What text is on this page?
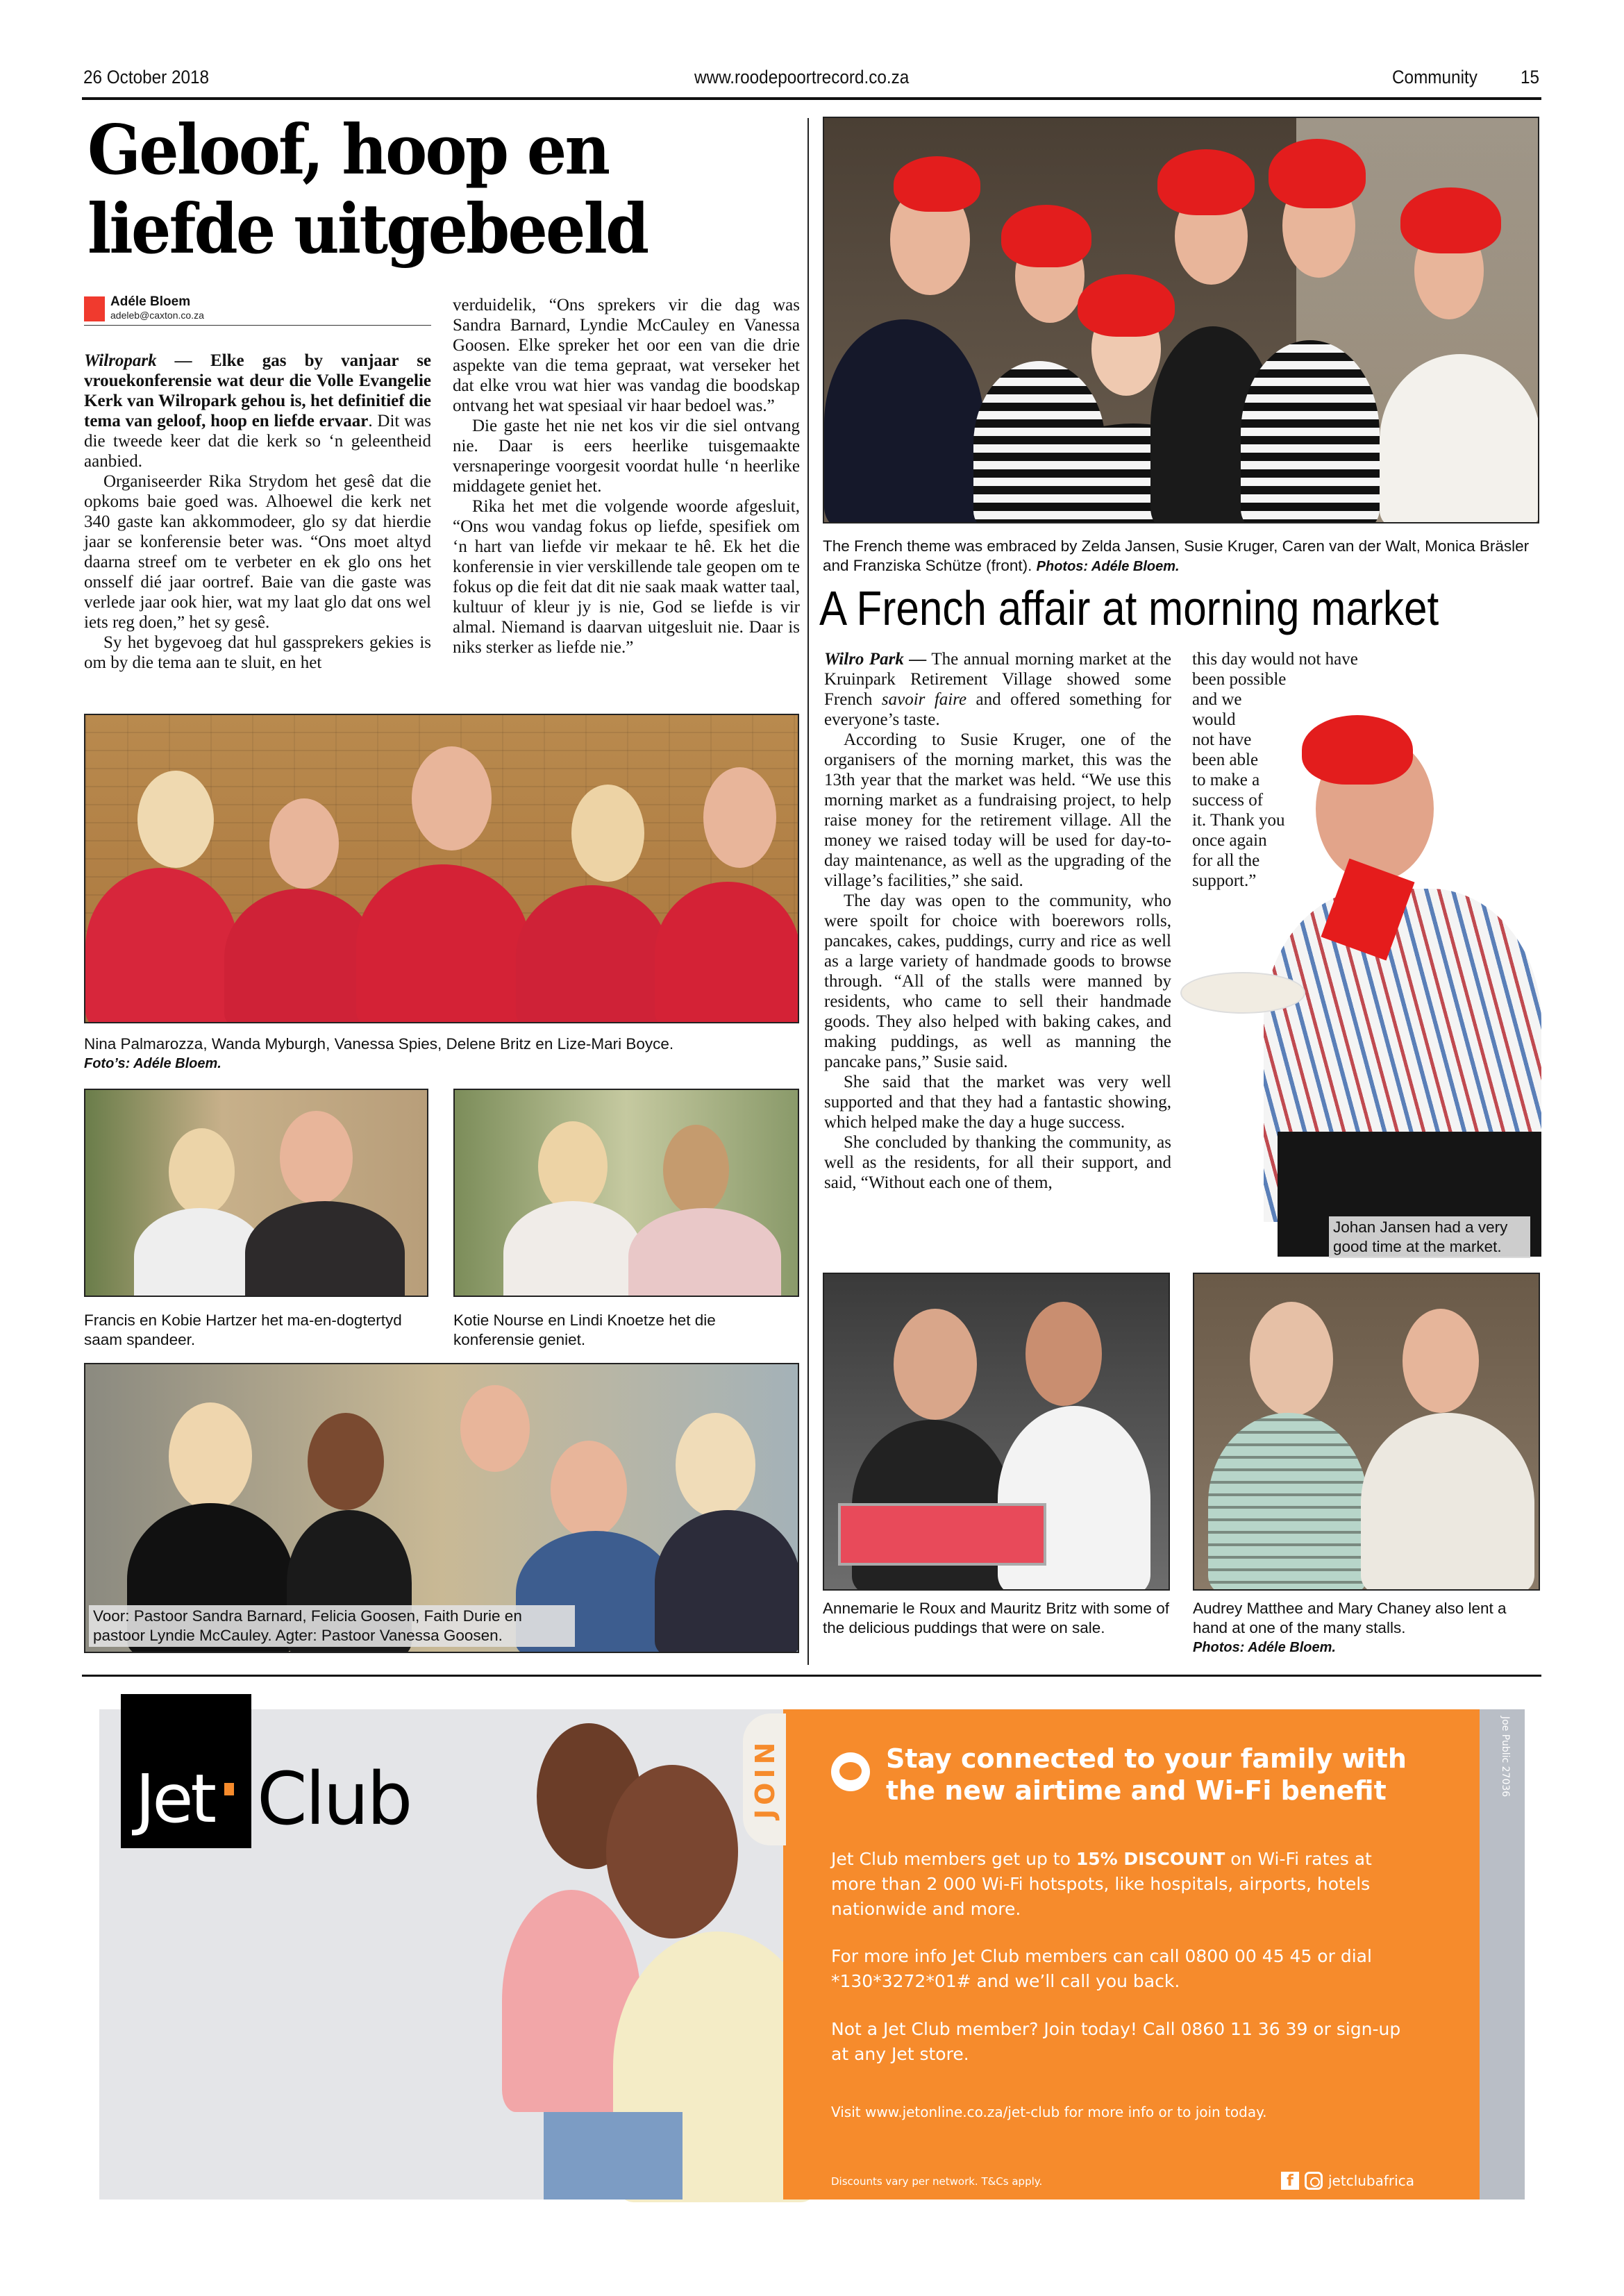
26 October 2018	www.roodepoortrecord.co.za	Community 15
Geloof, hoop en liefde uitgebeeld
Adéle Bloem
adeleb@caxton.co.za

Wilropark — Elke gas by vanjaar se vrouekonferensie wat deur die Volle Evangelie Kerk van Wilropark gehou is, het definitief die tema van geloof, hoop en liefde ervaar. Dit was die tweede keer dat die kerk so ‘n geleentheid aanbied.

Organiseerder Rika Strydom het gesê dat die opkoms baie goed was. Alhoewel die kerk net 340 gaste kan akkommodeer, glo sy dat hierdie jaar se konferensie beter was. “Ons moet altyd daarna streef om te verbeter en ek glo ons het onsself dié jaar oortref. Baie van die gaste was verlede jaar ook hier, wat my laat glo dat ons wel iets reg doen,” het sy gesê.

Sy het bygevoeg dat hul gassprekers gekies is om by die tema aan te sluit, en het

verduidelik, “Ons sprekers vir die dag was Sandra Barnard, Lyndie McCauley en Vanessa Goosen. Elke spreker het oor een van die drie aspekte van die tema gepraat, wat verseker het dat elke vrou wat hier was vandag die boodskap ontvang het wat spesiaal vir haar bedoel was.”

Die gaste het nie net kos vir die siel ontvang nie. Daar is eers heerlike tuisgemaakte versnaperinge voorgesit voordat hulle ‘n heerlike middagete geniet het.

Rika het met die volgende woorde afgesluit, “Ons wou vandag fokus op liefde, spesifiek om ‘n hart van liefde vir mekaar te hê. Ek het die konferensie in vier verskillende tale geopen om te fokus op die feit dat dit nie saak maak watter taal, kultuur of kleur jy is nie, God se liefde is vir almal. Niemand is daarvan uitgesluit nie. Daar is niks sterker as liefde nie.”

Nina Palmarozza, Wanda Myburgh, Vanessa Spies, Delene Britz en Lize-Mari Boyce.
Foto’s: Adéle Bloem.
Francis en Kobie Hartzer het ma-en-dogtertyd saam spandeer.
Kotie Nourse en Lindi Knoetze het die konferensie geniet.
Voor: Pastoor Sandra Barnard, Felicia Goosen, Faith Durie en pastoor Lyndie McCauley. Agter: Pastoor Vanessa Goosen.
The French theme was embraced by Zelda Jansen, Susie Kruger, Caren van der Walt, Monica Bräsler and Franziska Schütze (front). Photos: Adéle Bloem.
A French affair at morning market

Wilro Park — The annual morning market at the Kruinpark Retirement Village showed some French savoir faire and offered something for everyone’s taste.

According to Susie Kruger, one of the organisers of the morning market, this was the 13th year that the market was held. “We use this morning market as a fundraising project, to help raise money for the retirement village. All the money we raised today will be used for day-to-day maintenance, as well as the upgrading of the village’s facilities,” she said.

The day was open to the community, who were spoilt for choice with boerewors rolls, pancakes, cakes, puddings, curry and rice as well as a large variety of handmade goods to browse through. “All of the stalls were manned by residents, who came to sell their handmade goods. They also helped with baking cakes, and making puddings, as well as manning the pancake pans,” Susie said.

She said that the market was very well supported and that they had a fantastic showing, which helped make the day a huge success.

She concluded by thanking the community, as well as the residents, for all their support, and said, “Without each one of them,

this day would not have
been possible
and we
would
not have
been able
to make a
success of
it. Thank you
once again
for all the
support.”
Johan Jansen had a very good time at the market.
Annemarie le Roux and Mauritz Britz with some of the delicious puddings that were on sale.
Audrey Matthee and Mary Chaney also lent a hand at one of the many stalls.
Photos: Adéle Bloem.
Jet Club	JOIN	Stay connected to your family with the new airtime and Wi-Fi benefit
Jet Club members get up to 15% DISCOUNT on Wi-Fi rates at more than 2 000 Wi-Fi hotspots, like hospitals, airports, hotels nationwide and more.
For more info Jet Club members can call 0800 00 45 45 or dial *130*3272*01# and we’ll call you back.
Not a Jet Club member? Join today! Call 0860 11 36 39 or sign-up at any Jet store.
Visit www.jetonline.co.za/jet-club for more info or to join today.
Discounts vary per network. T&Cs apply.	f	jetclubafrica
Joe Public 27036
